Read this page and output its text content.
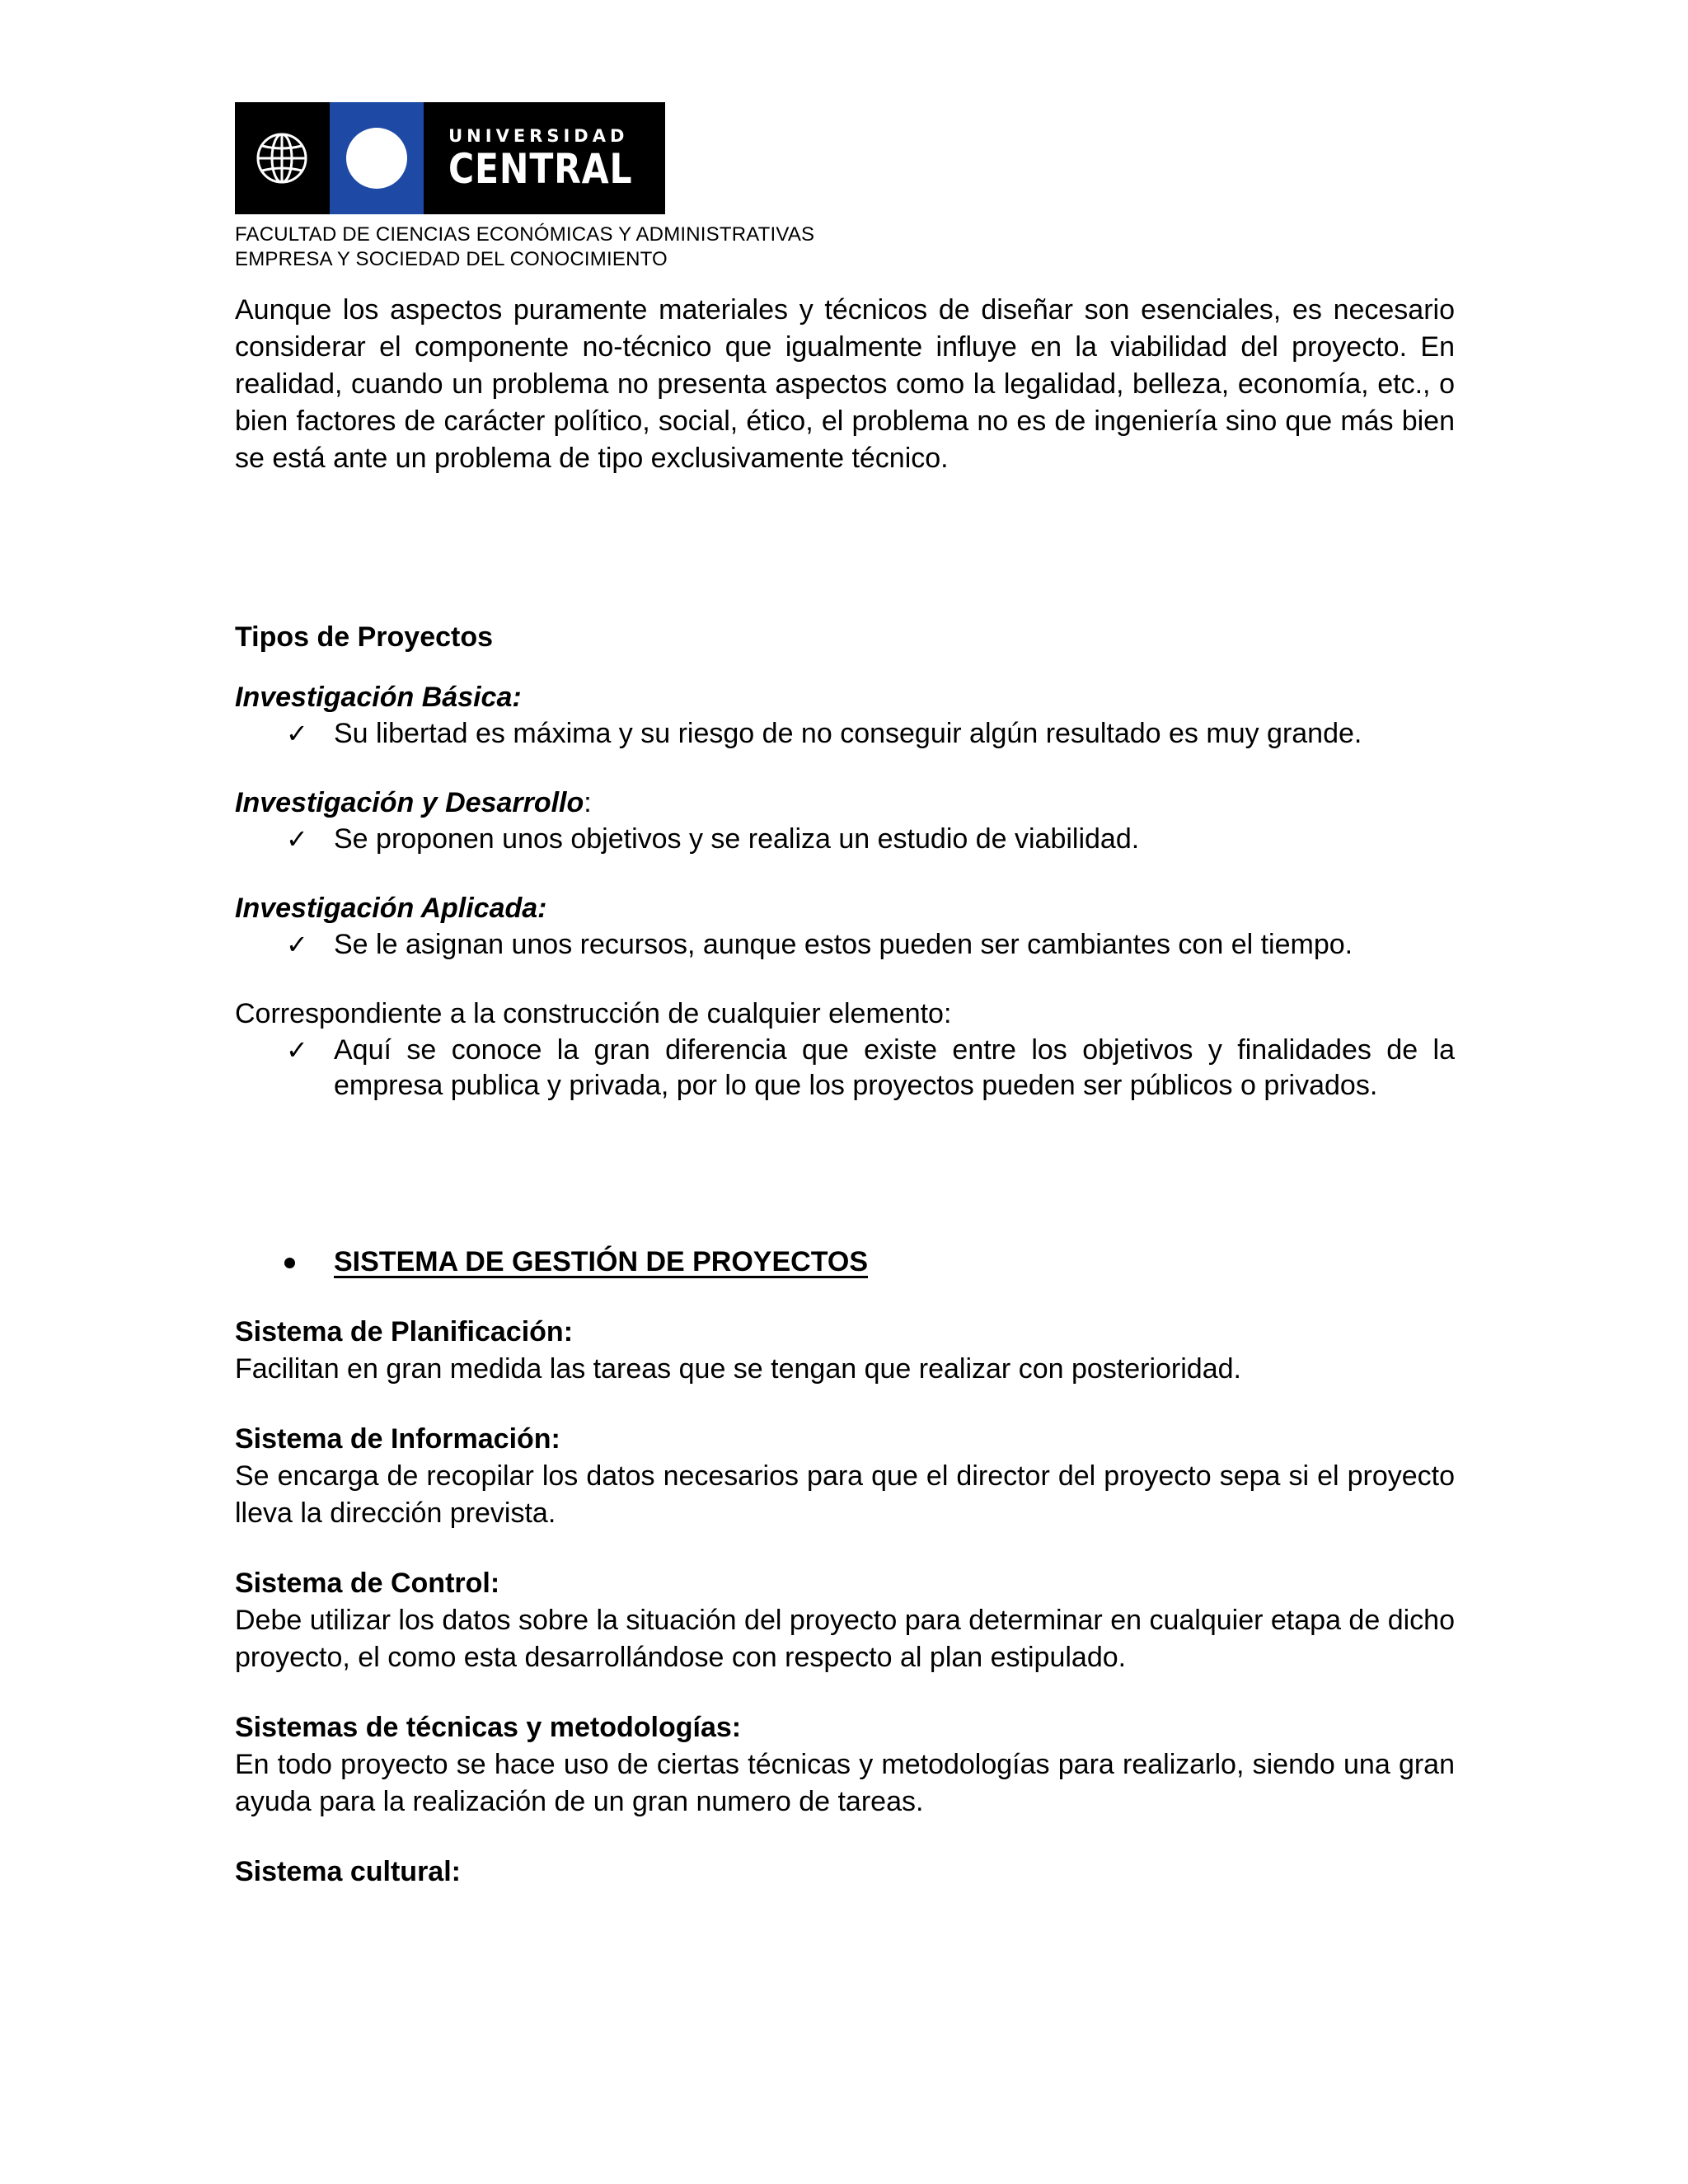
UNIVERSIDAD
CENTRAL
FACULTAD DE CIENCIAS ECONÓMICAS Y ADMINISTRATIVAS
EMPRESA Y SOCIEDAD DEL CONOCIMIENTO

Aunque los aspectos puramente materiales y técnicos de diseñar son esenciales, es necesario considerar el componente no-técnico que igualmente influye en la viabilidad del proyecto. En realidad, cuando un problema no presenta aspectos como la legalidad, belleza, economía, etc., o bien factores de carácter político, social, ético, el problema no es de ingeniería sino que más bien se está ante un problema de tipo exclusivamente técnico.

Tipos de Proyectos
Investigación Básica:
✓ Su libertad es máxima y su riesgo de no conseguir algún resultado es muy grande.
Investigación y Desarrollo:
✓ Se proponen unos objetivos y se realiza un estudio de viabilidad.
Investigación Aplicada:
✓ Se le asignan unos recursos, aunque estos pueden ser cambiantes con el tiempo.
Correspondiente a la construcción de cualquier elemento:
✓ Aquí se conoce la gran diferencia que existe entre los objetivos y finalidades de la empresa publica y privada, por lo que los proyectos pueden ser públicos o privados.
SISTEMA DE GESTIÓN DE PROYECTOS
Sistema de Planificación:
Facilitan en gran medida las tareas que se tengan que realizar con posterioridad.
Sistema de Información:
Se encarga de recopilar los datos necesarios para que el director del proyecto sepa si el proyecto lleva la dirección prevista.
Sistema de Control:
Debe utilizar los datos sobre la situación del proyecto para determinar en cualquier etapa de dicho proyecto, el como esta desarrollándose con respecto al plan estipulado.
Sistemas de técnicas y metodologías:
En todo proyecto se hace uso de ciertas técnicas y metodologías para realizarlo, siendo una gran ayuda para la realización de un gran numero de tareas.
Sistema cultural:
